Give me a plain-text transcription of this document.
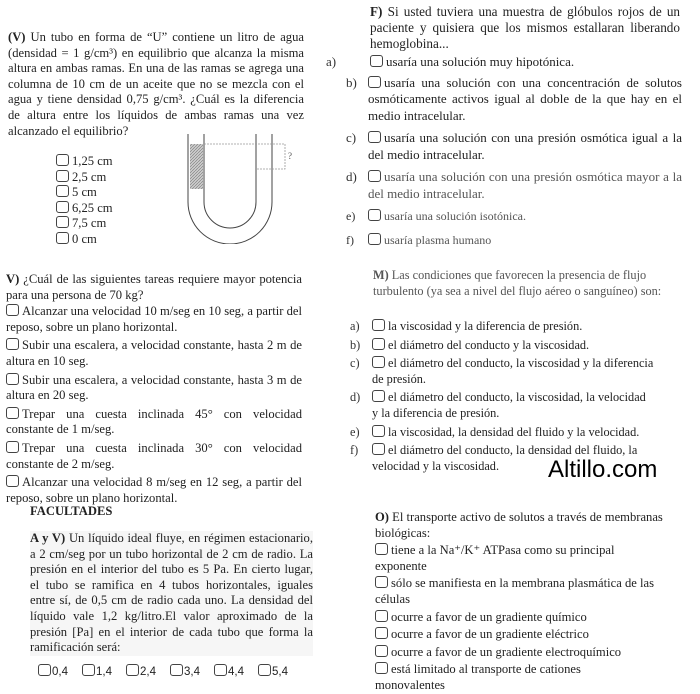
(V) Un tubo en forma de “U” contiene un litro de agua (densidad = 1 g/cm³) en equilibrio que alcanza la misma altura en ambas ramas. En una de las ramas se agrega una columna de 10 cm de un aceite que no se mezcla con el agua y tiene densidad 0,75 g/cm³. ¿Cuál es la diferencia de altura entre los líquidos de ambas ramas una vez alcanzado el equilibrio?
1,25 cm
2,5 cm
5 cm
6,25 cm
7,5 cm
0 cm
?
V) ¿Cuál de las siguientes tareas requiere mayor potencia para una persona de 70 kg?
Alcanzar una velocidad 10 m/seg en 10 seg, a partir del reposo, sobre un plano horizontal.
Subir una escalera, a velocidad constante, hasta 2 m de altura en 10 seg.
Subir una escalera, a velocidad constante, hasta 3 m de altura en 20 seg.
Trepar una cuesta inclinada 45° con velocidad constante de 1 m/seg.
Trepar una cuesta inclinada 30° con velocidad constante de 2 m/seg.
Alcanzar una velocidad 8 m/seg en 12 seg, a partir del reposo, sobre un plano horizontal.
FACULTADES
A y V) Un líquido ideal fluye, en régimen estacionario, a 2 cm/seg por un tubo horizontal de 2 cm de radio. La presión en el interior del tubo es 5 Pa. En cierto lugar, el tubo se ramifica en 4 tubos horizontales, iguales entre sí, de 0,5 cm de radio cada uno. La densidad del líquido vale 1,2 kg/litro.El valor aproximado de la presión [Pa] en el interior de cada tubo que forma la ramificación será:
0,4	1,4	2,4	3,4	4,4	5,4
F) Si usted tuviera una muestra de glóbulos rojos de un paciente y quisiera que los mismos estallaran liberando hemoglobina...
a)	usaría una solución muy hipotónica.
b)	usaría una solución con una concentración de solutos osmóticamente activos igual al doble de la que hay en el medio intracelular.
c)	usaría una solución con una presión osmótica igual a la del medio intracelular.
d)	usaría una solución con una presión osmótica mayor a la del medio intracelular.
e)	usaría una solución isotónica.
f)	usaría plasma humano
M) Las condiciones que favorecen la presencia de flujo turbulento (ya sea a nivel del flujo aéreo o sanguíneo) son:
a)	la viscosidad y la diferencia de presión.
b)	el diámetro del conducto y la viscosidad.
c)	el diámetro del conducto, la viscosidad y la diferencia de presión.
d)	el diámetro del conducto, la viscosidad, la velocidad y la diferencia de presión.
e)	la viscosidad, la densidad del fluido y la velocidad.
f)	el diámetro del conducto, la densidad del fluido, la velocidad y la viscosidad.	Altillo.com
O) El transporte activo de solutos a través de membranas biológicas:
tiene a la Na⁺/K⁺ ATPasa como su principal exponente
sólo se manifiesta en la membrana plasmática de las células
ocurre a favor de un gradiente químico
ocurre a favor de un gradiente eléctrico
ocurre a favor de un gradiente electroquímico
está limitado al transporte de cationes monovalentes
